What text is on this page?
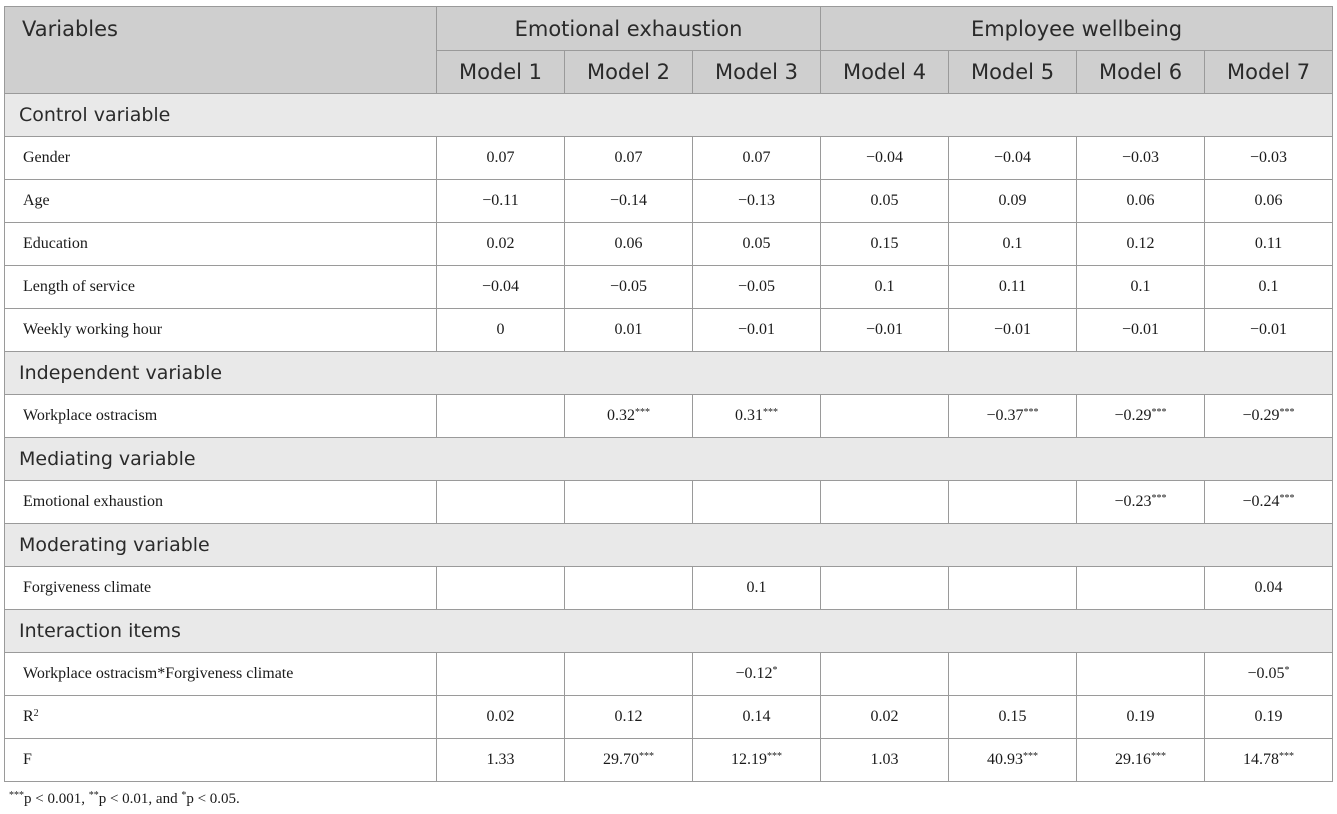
Variables	Emotional exhaustion			Employee wellbeing			
	Model 1	Model 2	Model 3	Model 4	Model 5	Model 6	Model 7
Control variable							
Gender	0.07	0.07	0.07	−0.04	−0.04	−0.03	−0.03
Age	−0.11	−0.14	−0.13	0.05	0.09	0.06	0.06
Education	0.02	0.06	0.05	0.15	0.1	0.12	0.11
Length of service	−0.04	−0.05	−0.05	0.1	0.11	0.1	0.1
Weekly working hour	0	0.01	−0.01	−0.01	−0.01	−0.01	−0.01
Independent variable							
Workplace ostracism		0.32***	0.31***		−0.37***	−0.29***	−0.29***
Mediating variable							
Emotional exhaustion						−0.23***	−0.24***
Moderating variable							
Forgiveness climate			0.1				0.04
Interaction items							
Workplace ostracism*Forgiveness climate			−0.12*				−0.05*
$R^2$	0.02	0.12	0.14	0.02	0.15	0.19	0.19
F	1.33	29.70***	12.19***	1.03	40.93***	29.16***	14.78***
***p < 0.001, **p < 0.01, and *p < 0.05.
